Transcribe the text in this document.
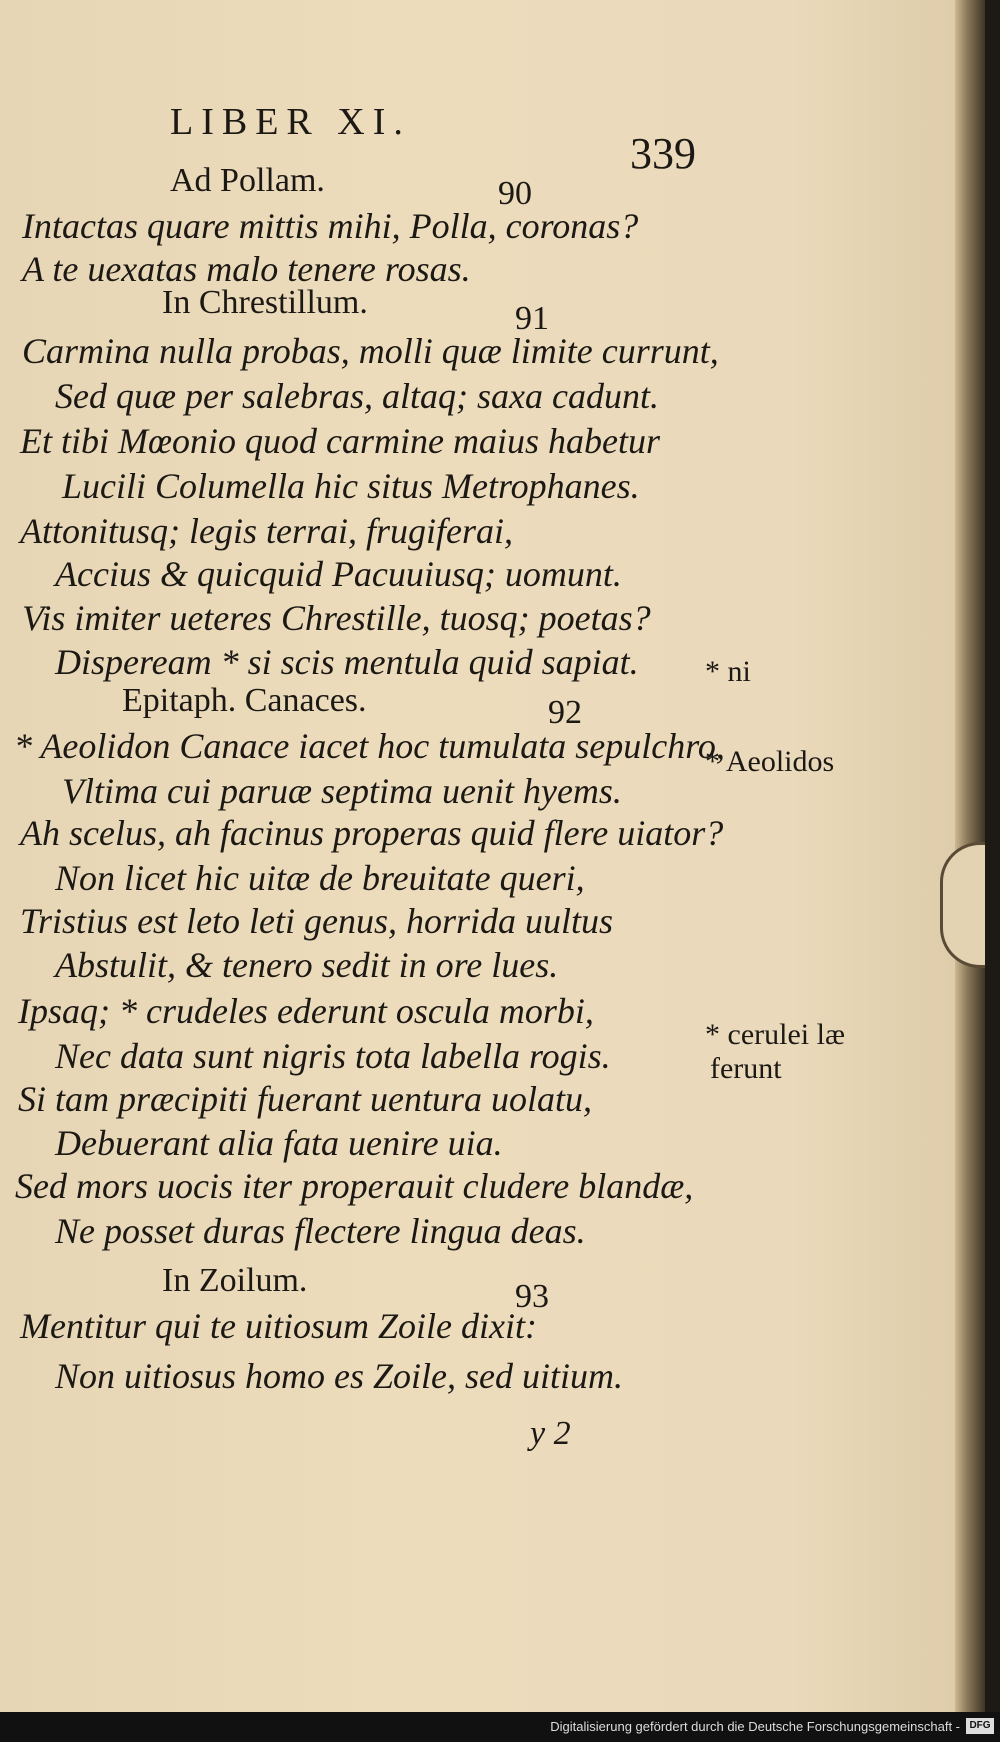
LIBER XI.
339
Ad Pollam.	90
Intactas quare mittis mihi, Polla, coronas?
A te uexatas malo tenere rosas.
In Chrestillum.	91
Carmina nulla probas, molli quæ limite currunt,
Sed quæ per salebras, altaq; saxa cadunt.
Et tibi Mœonio quod carmine maius habetur
Lucili Columella hic situs Metrophanes.
Attonitusq; legis terrai, frugiferai,
Accius & quicquid Pacuuiusq; uomunt.
Vis imiter ueteres Chrestille, tuosq; poetas?
Dispeream * si scis mentula quid sapiat.
Epitaph. Canaces.	92
* Aeolidon Canace iacet hoc tumulata sepulchro,
Vltima cui paruæ septima uenit hyems.
Ah scelus, ah facinus properas quid flere uiator?
Non licet hic uitæ de breuitate queri,
Tristius est leto leti genus, horrida uultus
Abstulit, & tenero sedit in ore lues.
Ipsaq; * crudeles ederunt oscula morbi,
Nec data sunt nigris tota labella rogis.
Si tam præcipiti fuerant uentura uolatu,
Debuerant alia fata uenire uia.
Sed mors uocis iter properauit cludere blandæ,
Ne posset duras flectere lingua deas.
In Zoilum.	93
Mentitur qui te uitiosum Zoile dixit:
Non uitiosus homo es Zoile, sed uitium.
* ni
* Aeolidos
* cerulei læ
ferunt
y 2
Digitalisierung gefördert durch die Deutsche Forschungsgemeinschaft - DFG
